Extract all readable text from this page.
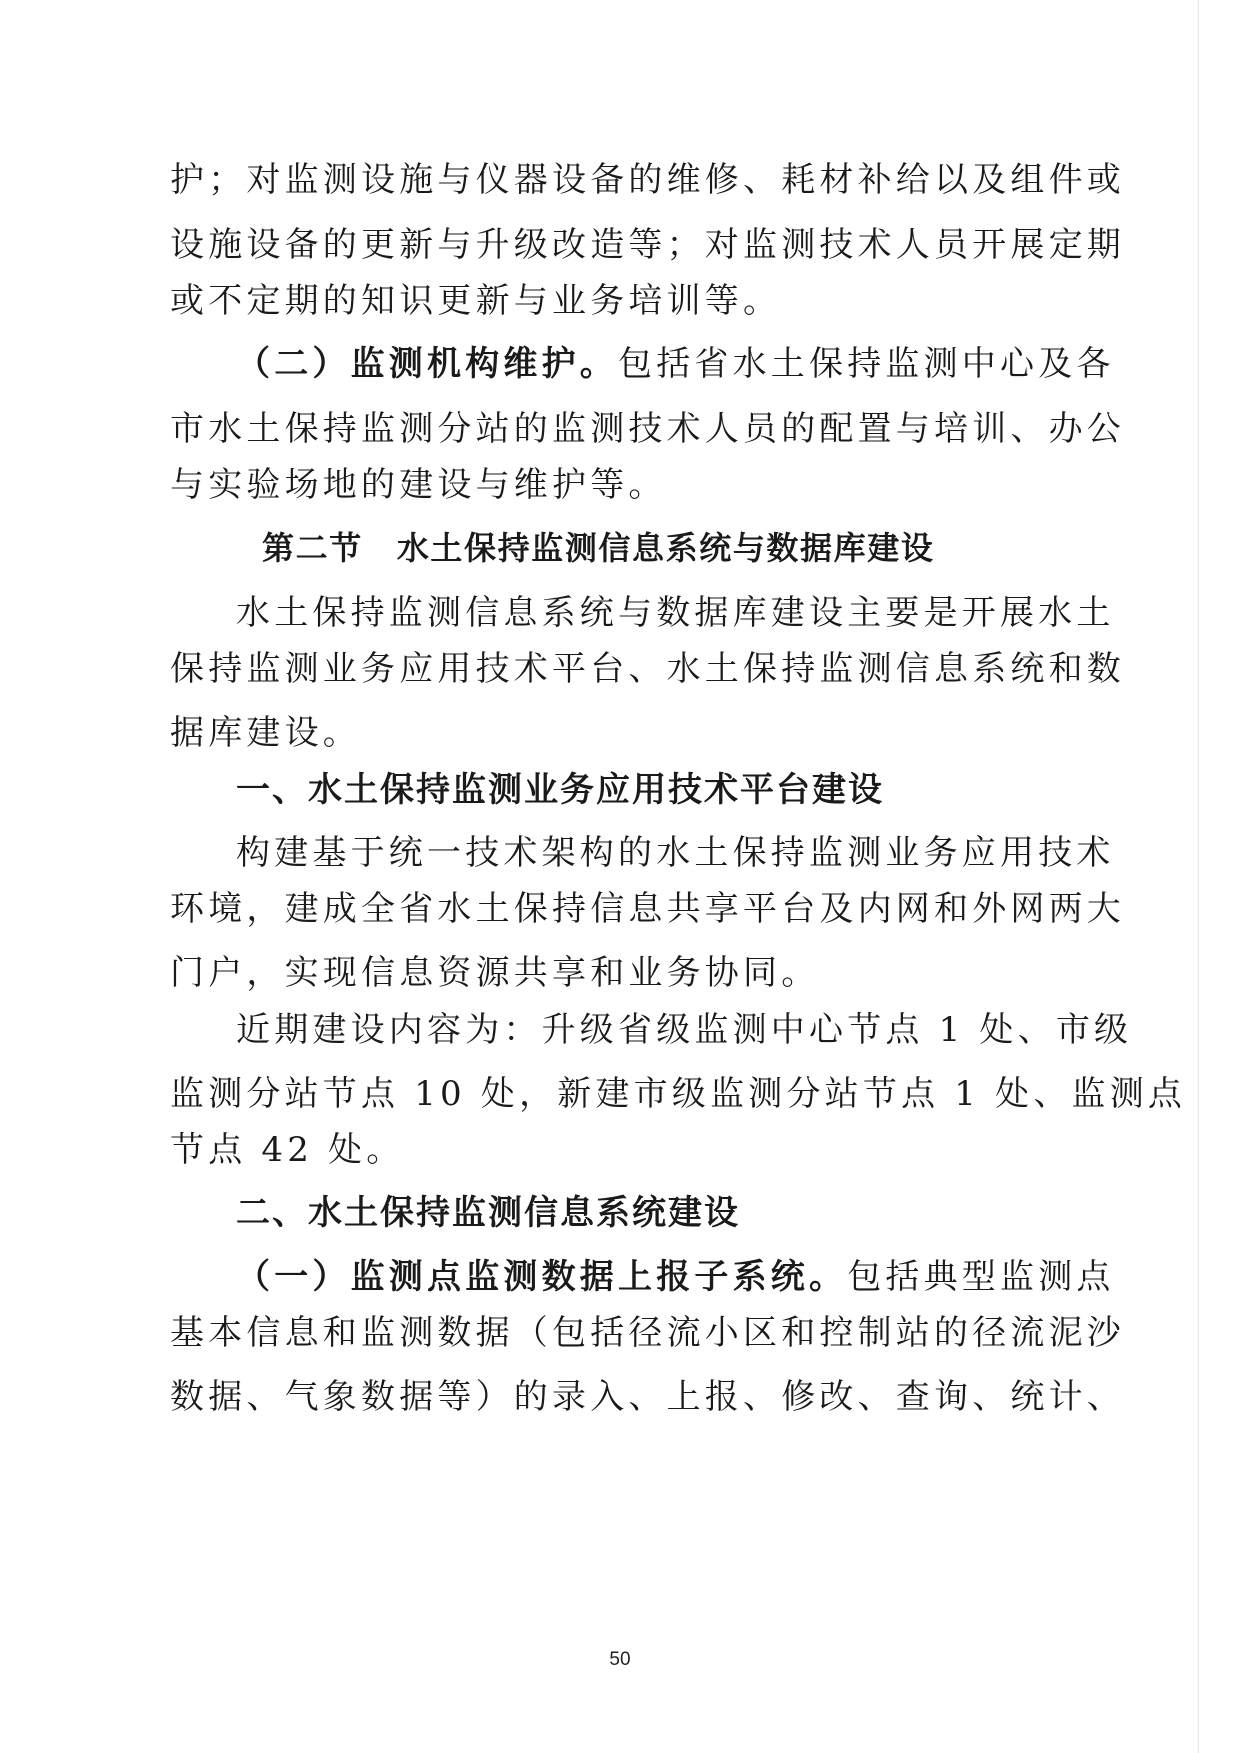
护；对监测设施与仪器设备的维修、耗材补给以及组件或
设施设备的更新与升级改造等；对监测技术人员开展定期
或不定期的知识更新与业务培训等。
（二）监测机构维护。包括省水土保持监测中心及各
市水土保持监测分站的监测技术人员的配置与培训、办公
与实验场地的建设与维护等。
第二节 水土保持监测信息系统与数据库建设
水土保持监测信息系统与数据库建设主要是开展水土
保持监测业务应用技术平台、水土保持监测信息系统和数
据库建设。
一、水土保持监测业务应用技术平台建设
构建基于统一技术架构的水土保持监测业务应用技术
环境，建成全省水土保持信息共享平台及内网和外网两大
门户，实现信息资源共享和业务协同。
近期建设内容为：升级省级监测中心节点 1 处、市级
监测分站节点 10 处，新建市级监测分站节点 1 处、监测点
节点 42 处。
二、水土保持监测信息系统建设
（一）监测点监测数据上报子系统。包括典型监测点
基本信息和监测数据（包括径流小区和控制站的径流泥沙
数据、气象数据等）的录入、上报、修改、查询、统计、
50
